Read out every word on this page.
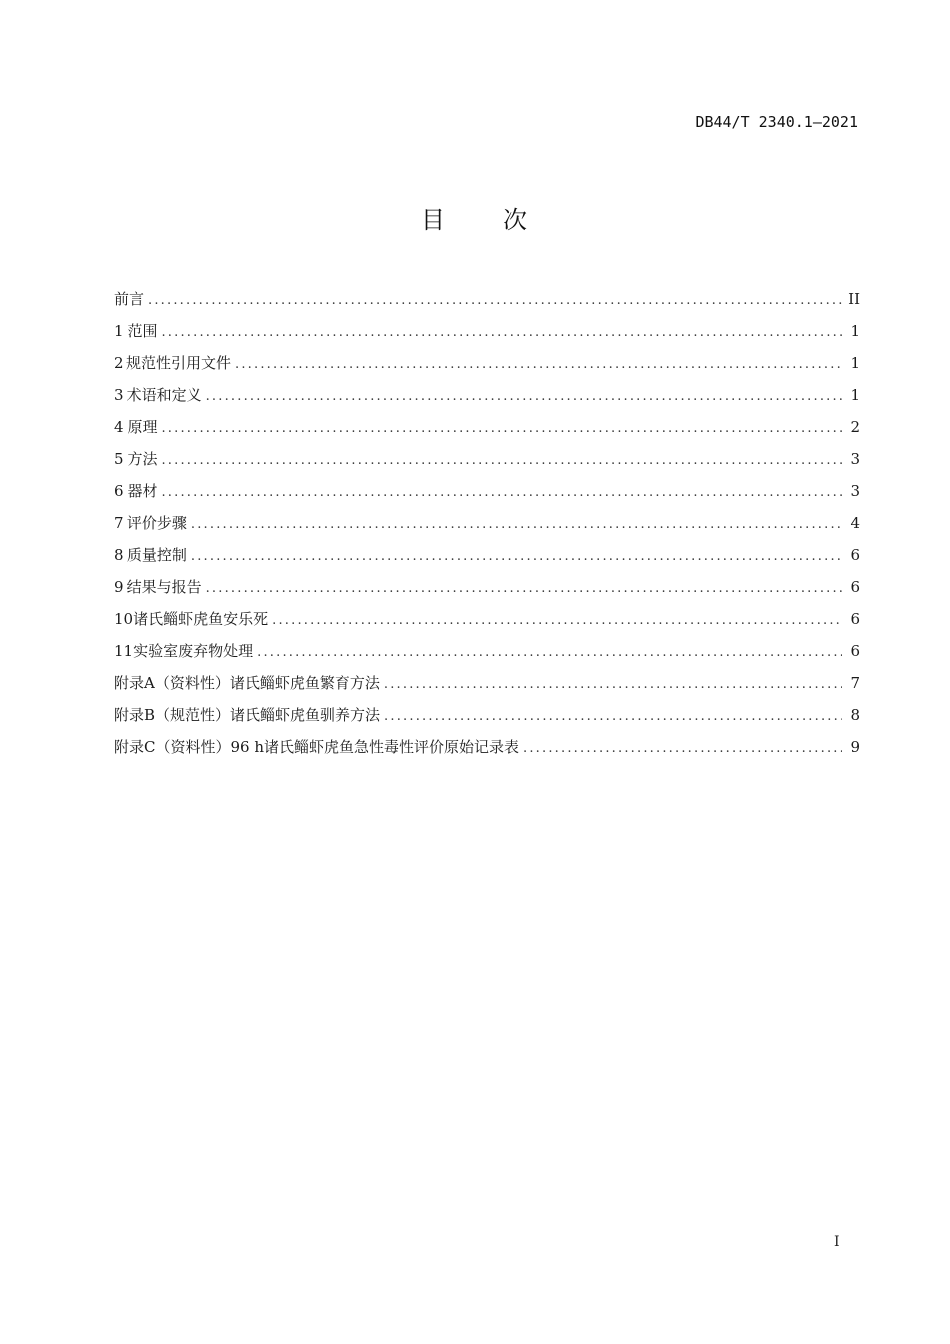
DB44/T 2340.1—2021
目 次
前言 .....	II
1 范围 .....	1
2 规范性引用文件 .....	1
3 术语和定义 .....	1
4 原理 .....	2
5 方法 .....	3
6 器材 .....	3
7 评价步骤 .....	4
8 质量控制 .....	6
9 结果与报告 .....	6
10 诸氏鲻虾虎鱼安乐死 .....	6
11 实验室废弃物处理 .....	6
附录A（资料性） 诸氏鲻虾虎鱼繁育方法 .....	7
附录B（规范性） 诸氏鲻虾虎鱼驯养方法 .....	8
附录C（资料性） 96 h诸氏鲻虾虎鱼急性毒性评价原始记录表 .....	9
I
